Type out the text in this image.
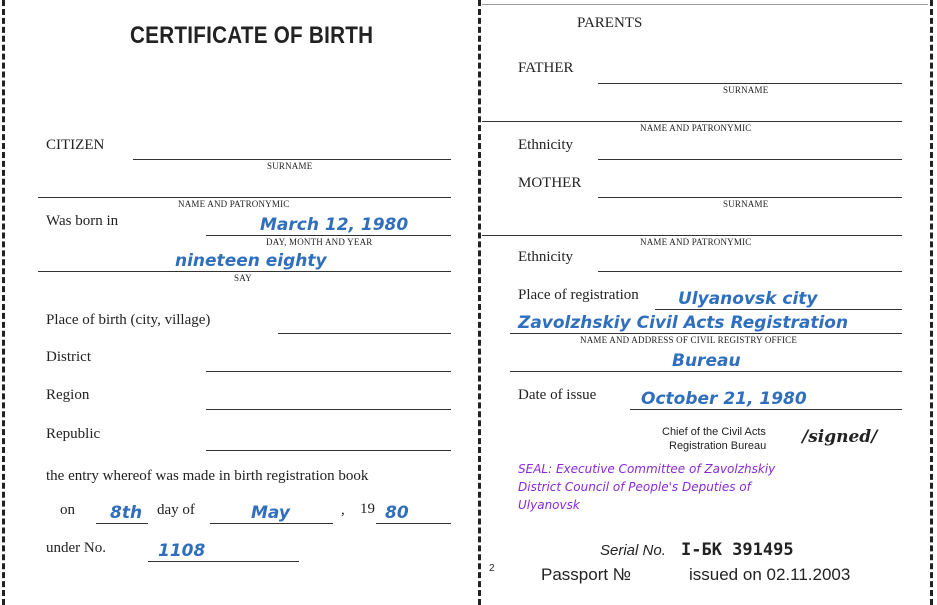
CERTIFICATE OF BIRTH
CITIZEN
SURNAME
NAME AND PATRONYMIC
Was born in	March 12, 1980
DAY, MONTH AND YEAR
nineteen eighty
SAY
Place of birth (city, village)
District
Region
Republic
the entry whereof was made in birth registration book
on 8th day of	May	, 19 80
under No.	1108
PARENTS
FATHER
SURNAME
NAME AND PATRONYMIC
Ethnicity
MOTHER
SURNAME
NAME AND PATRONYMIC
Ethnicity
Place of registration Ulyanovsk city
Zavolzhskiy Civil Acts Registration
NAME AND ADDRESS OF CIVIL REGISTRY OFFICE
Bureau
Date of issue	October 21, 1980
Chief of the Civil Acts
Registration Bureau /signed/
SEAL: Executive Committee of Zavolzhskiy
District Council of People's Deputies of
Ulyanovsk
Serial No. I-БК 391495
2	Passport №	issued on 02.11.2003
